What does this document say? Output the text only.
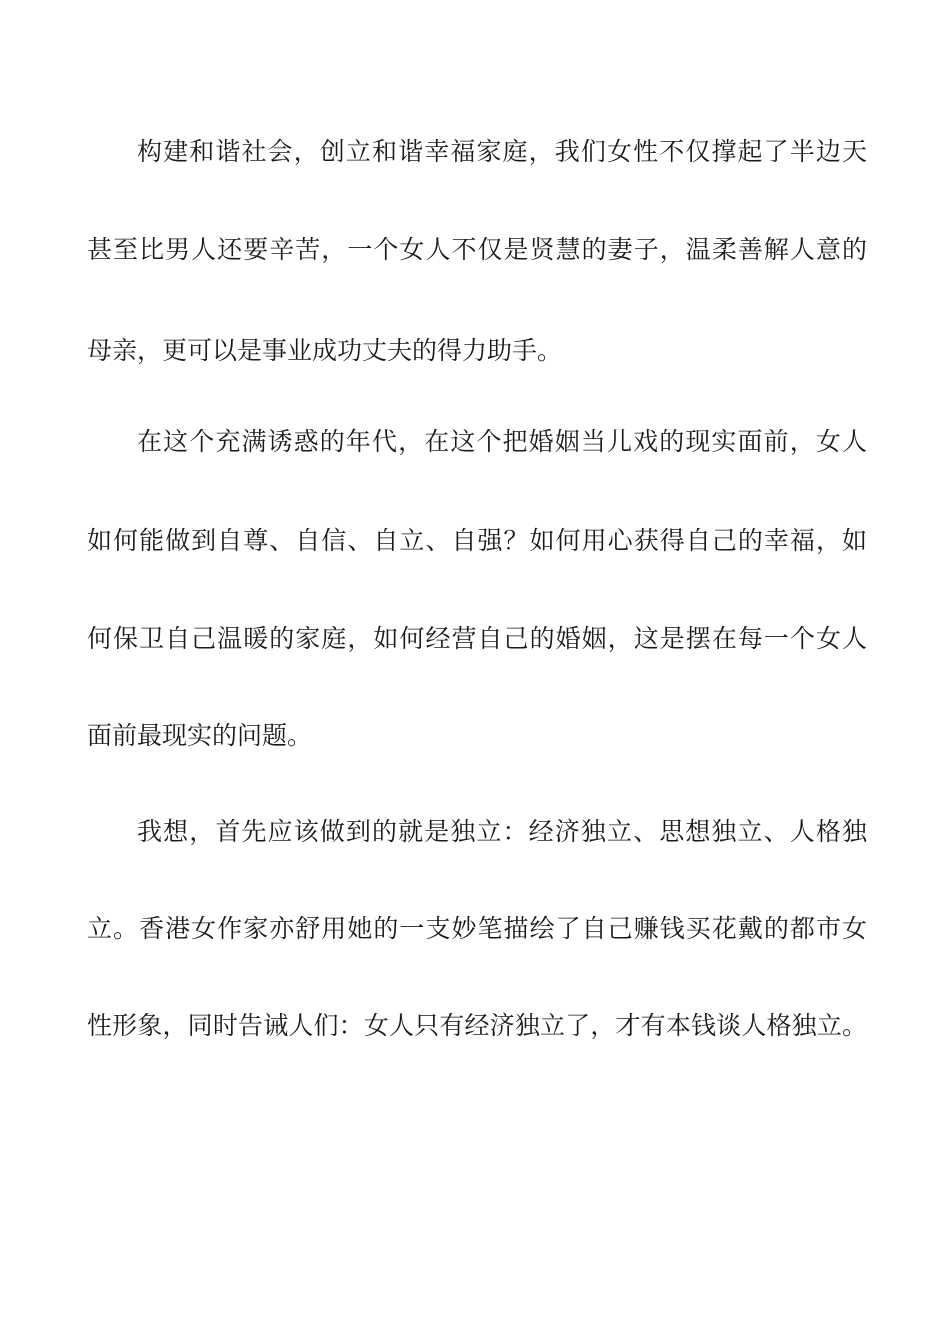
构建和谐社会，创立和谐幸福家庭，我们女性不仅撑起了半边天

甚至比男人还要辛苦，一个女人不仅是贤慧的妻子，温柔善解人意的

母亲，更可以是事业成功丈夫的得力助手。

在这个充满诱惑的年代，在这个把婚姻当儿戏的现实面前，女人

如何能做到自尊、自信、自立、自强？如何用心获得自己的幸福，如

何保卫自己温暖的家庭，如何经营自己的婚姻，这是摆在每一个女人

面前最现实的问题。

我想，首先应该做到的就是独立：经济独立、思想独立、人格独

立。香港女作家亦舒用她的一支妙笔描绘了自己赚钱买花戴的都市女

性形象，同时告诫人们：女人只有经济独立了，才有本钱谈人格独立。
